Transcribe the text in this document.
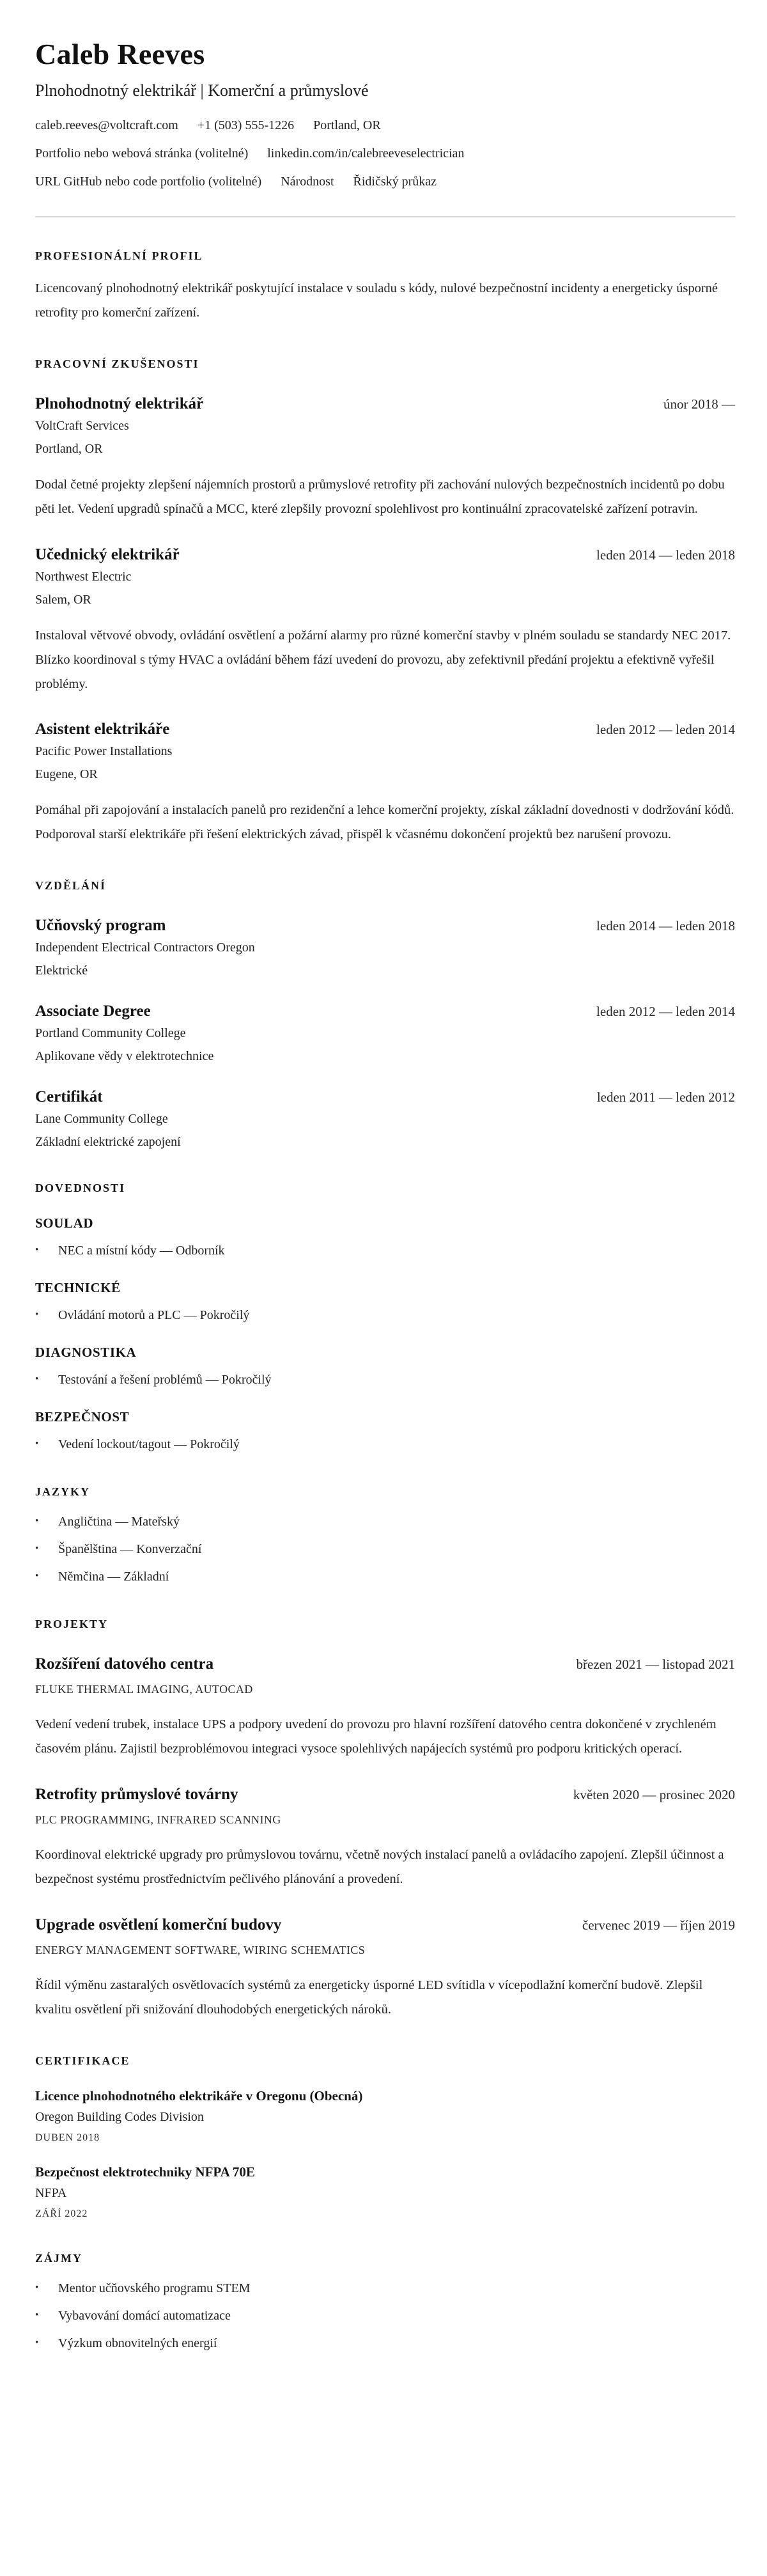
Caleb Reeves
Plnohodnotný elektrikář | Komerční a průmyslové
caleb.reeves@voltcraft.com +1 (503) 555-1226 Portland, OR
Portfolio nebo webová stránka (volitelné) linkedin.com/in/calebreeveselectrician
URL GitHub nebo code portfolio (volitelné) Národnost Řidičský průkaz
PROFESIONÁLNÍ PROFIL

Licencovaný plnohodnotný elektrikář poskytující instalace v souladu s kódy, nulové bezpečnostní incidenty a energeticky úsporné retrofity pro komerční zařízení.

PRACOVNÍ ZKUŠENOSTI
Plnohodnotný elektrikář	únor 2018 —
VoltCraft Services
Portland, OR

Dodal četné projekty zlepšení nájemních prostorů a průmyslové retrofity při zachování nulových bezpečnostních incidentů po dobu pěti let. Vedení upgradů spínačů a MCC, které zlepšily provozní spolehlivost pro kontinuální zpracovatelské zařízení potravin.

Učednický elektrikář	leden 2014 — leden 2018
Northwest Electric
Salem, OR

Instaloval větvové obvody, ovládání osvětlení a požární alarmy pro různé komerční stavby v plném souladu se standardy NEC 2017. Blízko koordinoval s týmy HVAC a ovládání během fází uvedení do provozu, aby zefektivnil předání projektu a efektivně vyřešil problémy.

Asistent elektrikáře	leden 2012 — leden 2014
Pacific Power Installations
Eugene, OR

Pomáhal při zapojování a instalacích panelů pro rezidenční a lehce komerční projekty, získal základní dovednosti v dodržování kódů. Podporoval starší elektrikáře při řešení elektrických závad, přispěl k včasnému dokončení projektů bez narušení provozu.

VZDĚLÁNÍ
Učňovský program	leden 2014 — leden 2018
Independent Electrical Contractors Oregon
Elektrické
Associate Degree	leden 2012 — leden 2014
Portland Community College
Aplikovane vědy v elektrotechnice
Certifikát	leden 2011 — leden 2012
Lane Community College
Základní elektrické zapojení
DOVEDNOSTI
SOULAD
•	NEC a místní kódy — Odborník
TECHNICKÉ
•	Ovládání motorů a PLC — Pokročilý
DIAGNOSTIKA
•	Testování a řešení problémů — Pokročilý
BEZPEČNOST
•	Vedení lockout/tagout — Pokročilý
JAZYKY
•	Angličtina — Mateřský
•	Španělština — Konverzační
•	Němčina — Základní
PROJEKTY
Rozšíření datového centra	březen 2021 — listopad 2021
FLUKE THERMAL IMAGING, AUTOCAD

Vedení vedení trubek, instalace UPS a podpory uvedení do provozu pro hlavní rozšíření datového centra dokončené v zrychleném časovém plánu. Zajistil bezproblémovou integraci vysoce spolehlivých napájecích systémů pro podporu kritických operací.

Retrofity průmyslové továrny	květen 2020 — prosinec 2020
PLC PROGRAMMING, INFRARED SCANNING

Koordinoval elektrické upgrady pro průmyslovou továrnu, včetně nových instalací panelů a ovládacího zapojení. Zlepšil účinnost a bezpečnost systému prostřednictvím pečlivého plánování a provedení.

Upgrade osvětlení komerční budovy	červenec 2019 — říjen 2019
ENERGY MANAGEMENT SOFTWARE, WIRING SCHEMATICS

Řídil výměnu zastaralých osvětlovacích systémů za energeticky úsporné LED svítidla v vícepodlažní komerční budově. Zlepšil kvalitu osvětlení při snižování dlouhodobých energetických nároků.

CERTIFIKACE
Licence plnohodnotného elektrikáře v Oregonu (Obecná)
Oregon Building Codes Division
DUBEN 2018
Bezpečnost elektrotechniky NFPA 70E
NFPA
ZÁŘÍ 2022
ZÁJMY
•	Mentor učňovského programu STEM
•	Vybavování domácí automatizace
•	Výzkum obnovitelných energií
